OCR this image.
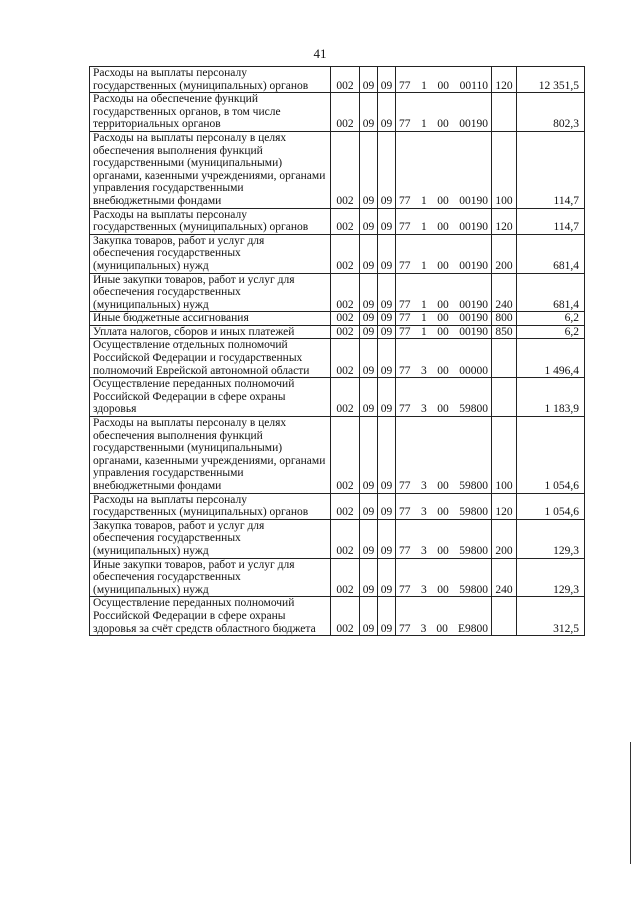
41
Расходы на выплаты персоналу государственных (муниципальных) органов	002	09	09	77 1 00 00110	120	12 351,5

Расходы на обеспечение функций государственных органов, в том числе территориальных органов	002	09	09	77 1 00 00190		802,3

Расходы на выплаты персоналу в целях обеспечения выполнения функций государственными (муниципальными) органами, казенными учреждениями, органами управления государственными внебюджетными фондами	002	09	09	77 1 00 00190	100	114,7

Расходы на выплаты персоналу государственных (муниципальных) органов	002	09	09	77 1 00 00190	120	114,7

Закупка товаров, работ и услуг для обеспечения государственных (муниципальных) нужд	002	09	09	77 1 00 00190	200	681,4

Иные закупки товаров, работ и услуг для обеспечения государственных (муниципальных) нужд	002	09	09	77 1 00 00190	240	681,4

Иные бюджетные ассигнования	002	09	09	77 1 00 00190	800	6,2

Уплата налогов, сборов и иных платежей	002	09	09	77 1 00 00190	850	6,2

Осуществление отдельных полномочий Российской Федерации и государственных полномочий Еврейской автономной области	002	09	09	77 3 00 00000		1 496,4

Осуществление переданных полномочий Российской Федерации в сфере охраны здоровья	002	09	09	77 3 00 59800		1 183,9

Расходы на выплаты персоналу в целях обеспечения выполнения функций государственными (муниципальными) органами, казенными учреждениями, органами управления государственными внебюджетными фондами	002	09	09	77 3 00 59800	100	1 054,6

Расходы на выплаты персоналу государственных (муниципальных) органов	002	09	09	77 3 00 59800	120	1 054,6

Закупка товаров, работ и услуг для обеспечения государственных (муниципальных) нужд	002	09	09	77 3 00 59800	200	129,3

Иные закупки товаров, работ и услуг для обеспечения государственных (муниципальных) нужд	002	09	09	77 3 00 59800	240	129,3

Осуществление переданных полномочий Российской Федерации в сфере охраны здоровья за счёт средств областного бюджета	002	09	09	77 3 00 E9800		312,5
